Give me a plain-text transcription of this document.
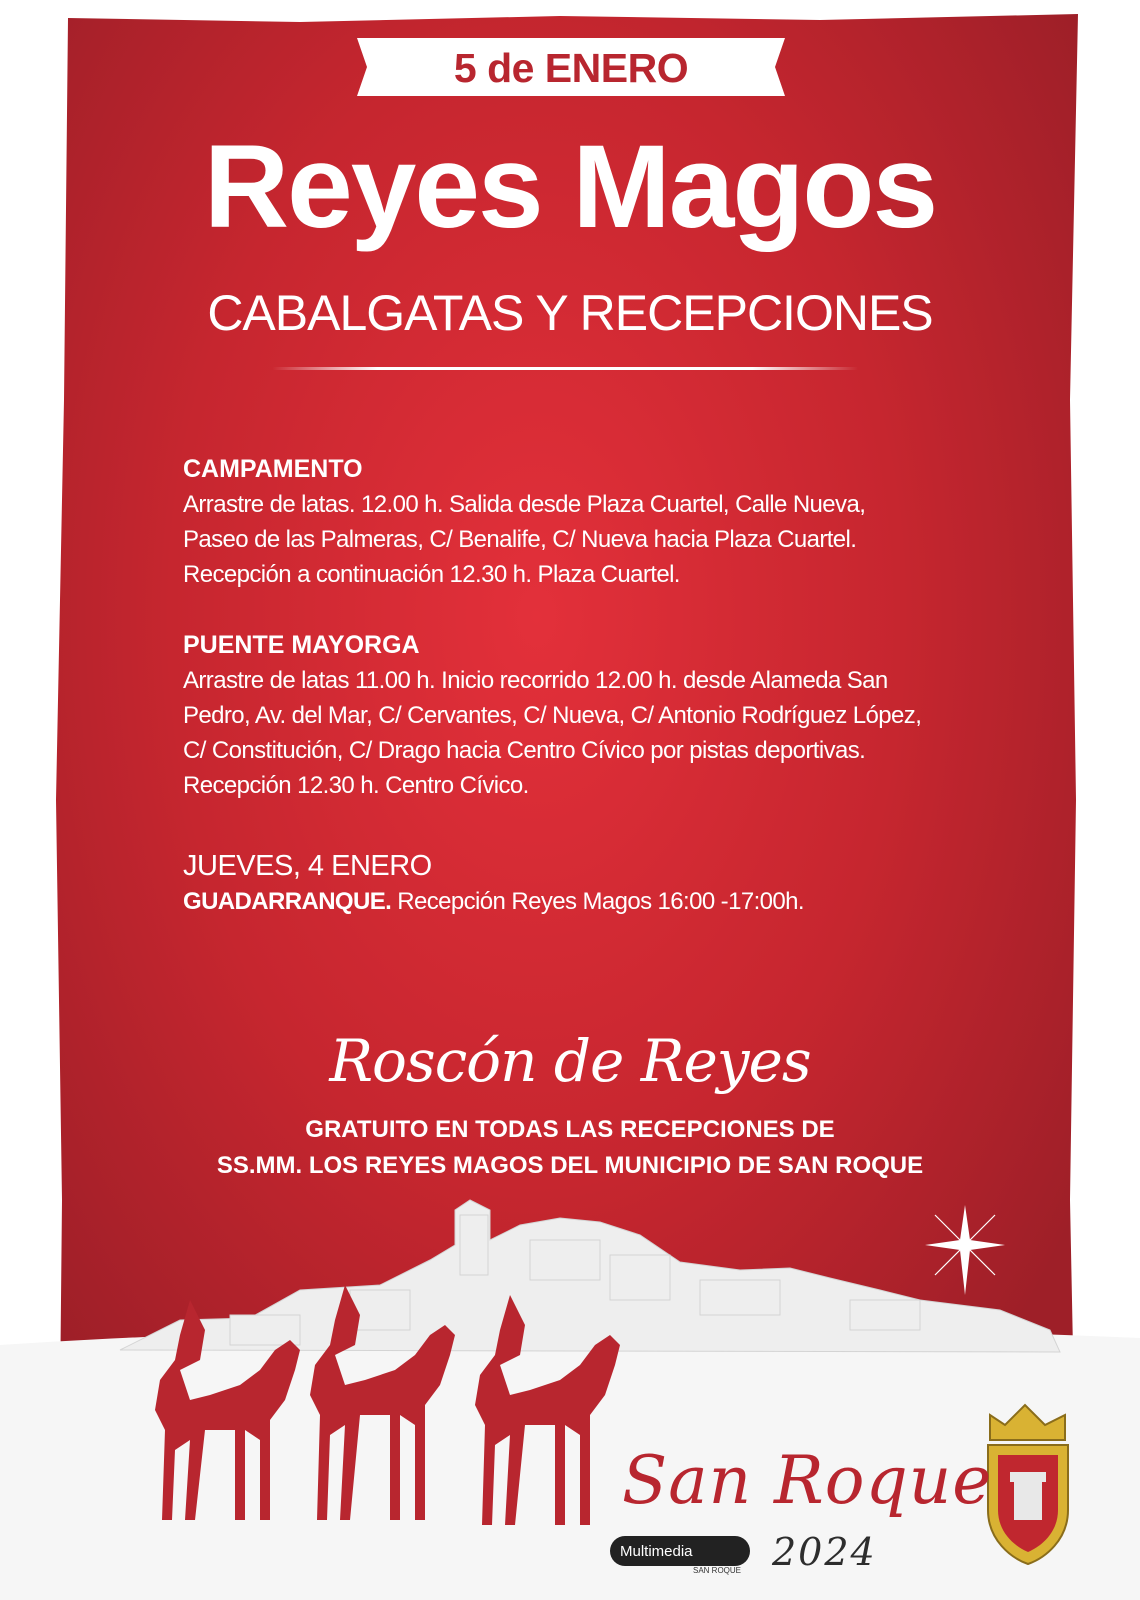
5 de ENERO
Reyes Magos
CABALGATAS Y RECEPCIONES
CAMPAMENTO
Arrastre de latas. 12.00 h. Salida desde Plaza Cuartel, Calle Nueva,
Paseo de las Palmeras, C/ Benalife, C/ Nueva hacia Plaza Cuartel.
Recepción a continuación 12.30 h. Plaza Cuartel.
PUENTE MAYORGA
Arrastre de latas 11.00 h. Inicio recorrido 12.00 h. desde Alameda San
Pedro, Av. del Mar, C/ Cervantes, C/ Nueva, C/ Antonio Rodríguez López,
C/ Constitución, C/ Drago hacia Centro Cívico por pistas deportivas.
Recepción 12.30 h. Centro Cívico.
JUEVES, 4 ENERO
GUADARRANQUE. Recepción Reyes Magos 16:00 -17:00h.
Roscón de Reyes
GRATUITO EN TODAS LAS RECEPCIONES DE
SS.MM. LOS REYES MAGOS DEL MUNICIPIO DE SAN ROQUE
San Roque
2024
Multimedia
SAN ROQUE
